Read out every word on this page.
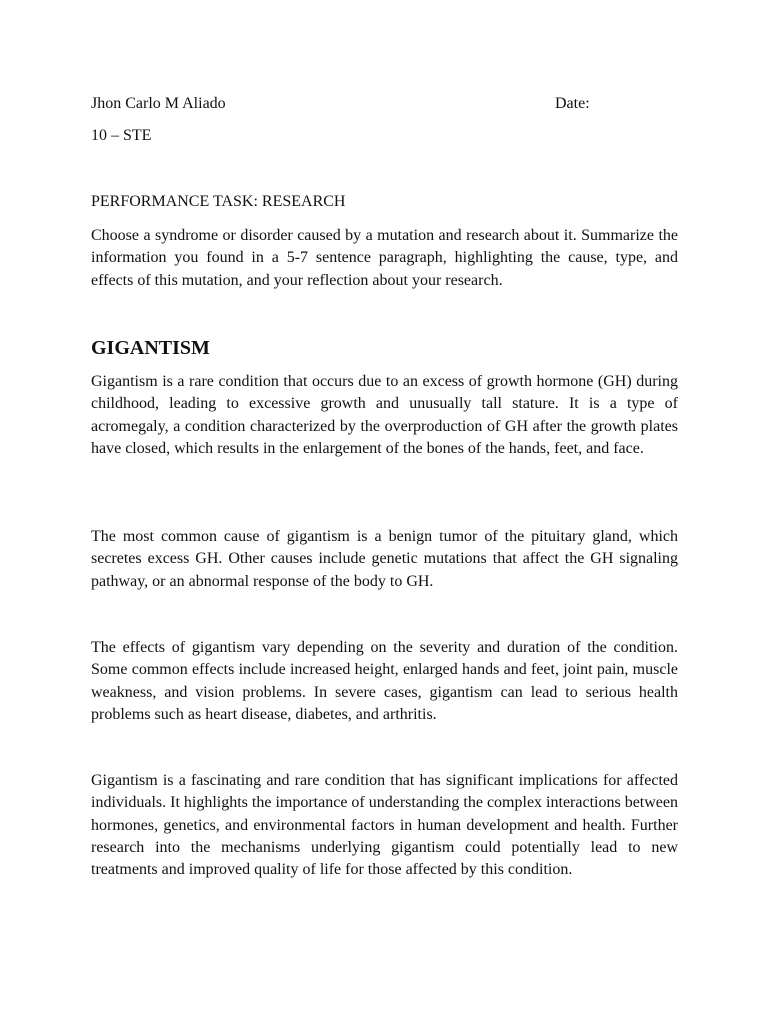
Jhon Carlo M Aliado	Date:
10 – STE
PERFORMANCE TASK: RESEARCH

Choose a syndrome or disorder caused by a mutation and research about it. Summarize the information you found in a 5-7 sentence paragraph, highlighting the cause, type, and effects of this mutation, and your reflection about your research.

GIGANTISM

Gigantism is a rare condition that occurs due to an excess of growth hormone (GH) during childhood, leading to excessive growth and unusually tall stature. It is a type of acromegaly, a condition characterized by the overproduction of GH after the growth plates have closed, which results in the enlargement of the bones of the hands, feet, and face.

The most common cause of gigantism is a benign tumor of the pituitary gland, which secretes excess GH. Other causes include genetic mutations that affect the GH signaling pathway, or an abnormal response of the body to GH.

The effects of gigantism vary depending on the severity and duration of the condition. Some common effects include increased height, enlarged hands and feet, joint pain, muscle weakness, and vision problems. In severe cases, gigantism can lead to serious health problems such as heart disease, diabetes, and arthritis.

Gigantism is a fascinating and rare condition that has significant implications for affected individuals. It highlights the importance of understanding the complex interactions between hormones, genetics, and environmental factors in human development and health. Further research into the mechanisms underlying gigantism could potentially lead to new treatments and improved quality of life for those affected by this condition.
